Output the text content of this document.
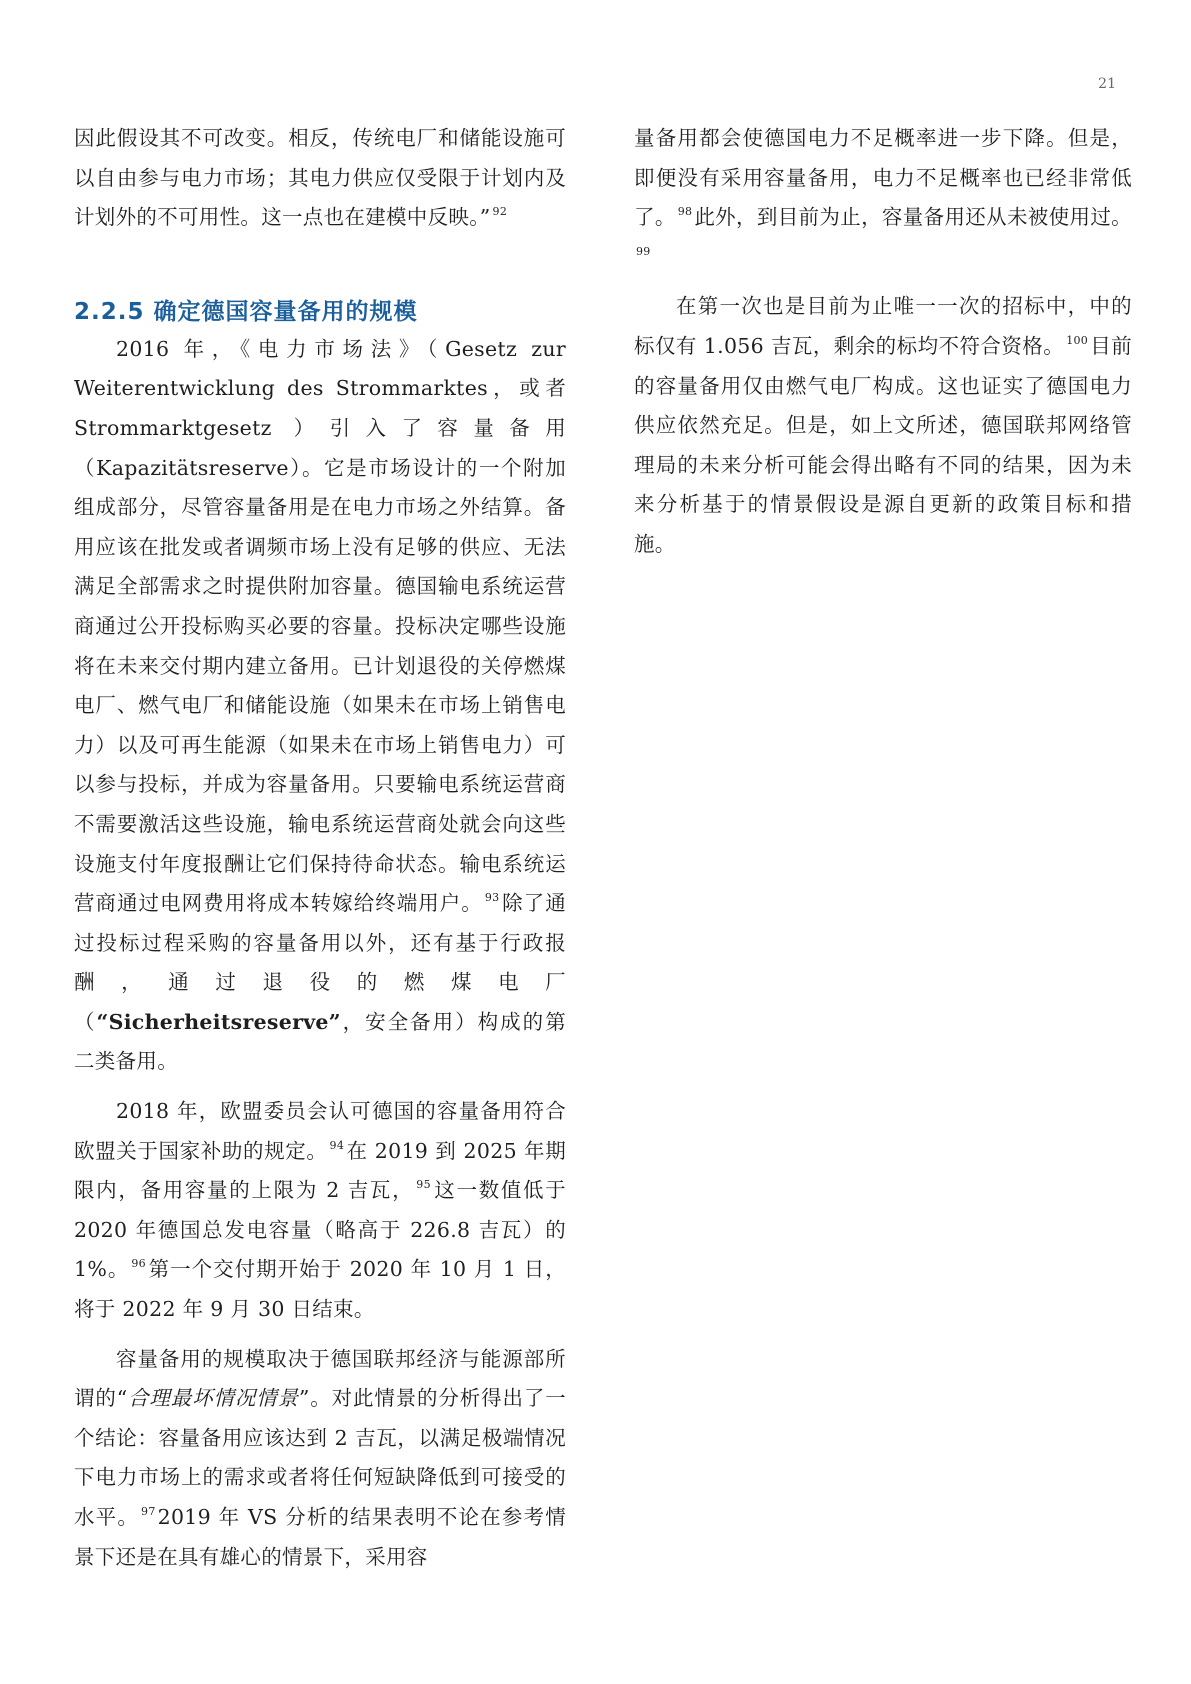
21

因此假设其不可改变。相反，传统电厂和储能设施可以自由参与电力市场；其电力供应仅受限于计划内及计划外的不可用性。这一点也在建模中反映。” $^{92}$

2.2.5 确定德国容量备用的规模

2016 年，《电力市场法》（Gesetz zur Weiterentwicklung des Strommarktes，或者 Strommarktgesetz ）引入了容量备用（Kapazitätsreserve）。它是市场设计的一个附加组成部分，尽管容量备用是在电力市场之外结算。备用应该在批发或者调频市场上没有足够的供应、无法满足全部需求之时提供附加容量。德国输电系统运营商通过公开投标购买必要的容量。投标决定哪些设施将在未来交付期内建立备用。已计划退役的关停燃煤电厂、燃气电厂和储能设施（如果未在市场上销售电力）以及可再生能源（如果未在市场上销售电力）可以参与投标，并成为容量备用。只要输电系统运营商不需要激活这些设施，输电系统运营商处就会向这些设施支付年度报酬让它们保持待命状态。输电系统运营商通过电网费用将成本转嫁给终端用户。 $^{93}$除了通过投标过程采购的容量备用以外，还有基于行政报酬，通过退役的燃煤电厂（“Sicherheitsreserve”，安全备用）构成的第二类备用。

2018 年，欧盟委员会认可德国的容量备用符合欧盟关于国家补助的规定。 $^{94}$在 2019 到 2025 年期限内，备用容量的上限为 2 吉瓦， $^{95}$这一数值低于 2020 年德国总发电容量（略高于 226.8 吉瓦）的 1%。 $^{96}$第一个交付期开始于 2020 年 10 月 1 日，将于 2022 年 9 月 30 日结束。

容量备用的规模取决于德国联邦经济与能源部所谓的“合理最坏情况情景”。对此情景的分析得出了一个结论：容量备用应该达到 2 吉瓦，以满足极端情况下电力市场上的需求或者将任何短缺降低到可接受的水平。 $^{97}$2019 年 VS 分析的结果表明不论在参考情景下还是在具有雄心的情景下，采用容

量备用都会使德国电力不足概率进一步下降。但是，即便没有采用容量备用，电力不足概率也已经非常低了。 $^{98}$此外，到目前为止，容量备用还从未被使用过。$^{99}$

在第一次也是目前为止唯一一次的招标中，中的标仅有 1.056 吉瓦，剩余的标均不符合资格。 $^{100}$目前的容量备用仅由燃气电厂构成。这也证实了德国电力供应依然充足。但是，如上文所述，德国联邦网络管理局的未来分析可能会得出略有不同的结果，因为未来分析基于的情景假设是源自更新的政策目标和措施。
